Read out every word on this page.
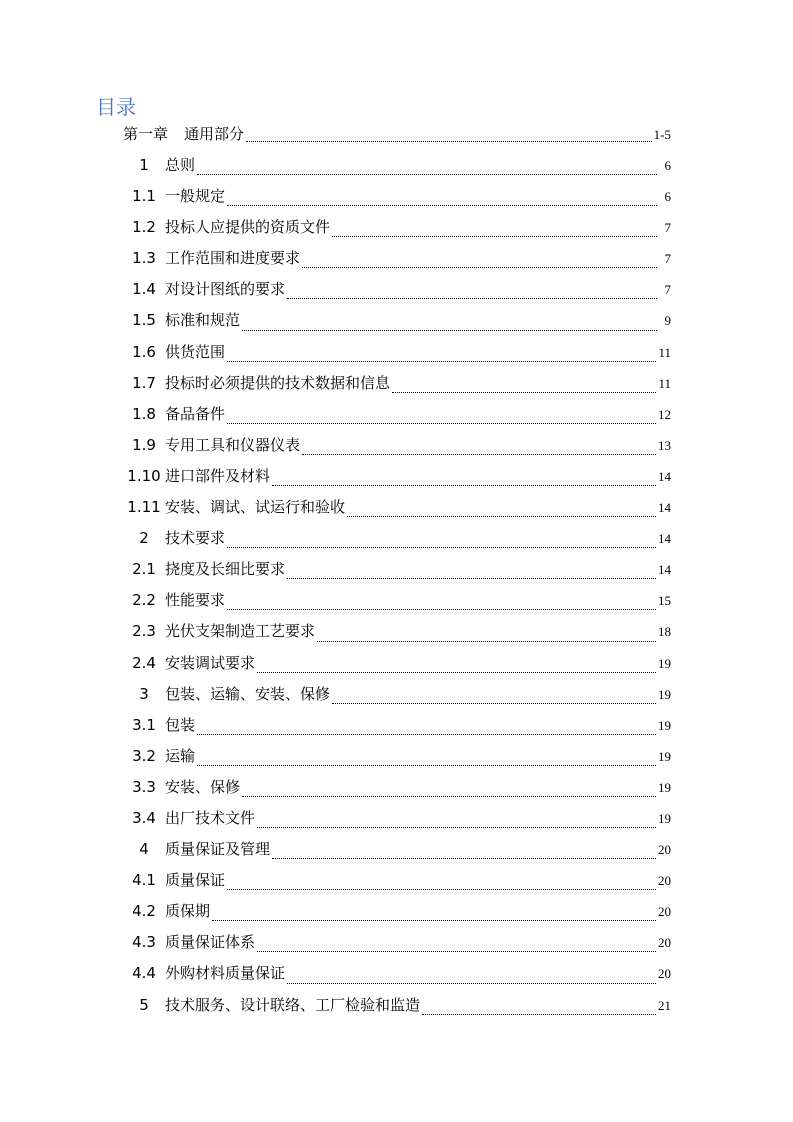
目录
第一章 通用部分	1-5
1	总则	6
1.1 一般规定	6
1.2 投标人应提供的资质文件	7
1.3 工作范围和进度要求	7
1.4 对设计图纸的要求	7
1.5 标准和规范	9
1.6 供货范围	11
1.7 投标时必须提供的技术数据和信息	11
1.8 备品备件	12
1.9 专用工具和仪器仪表	13
1.10 进口部件及材料	14
1.11 安装、调试、试运行和验收	14
2	技术要求	14
2.1 挠度及长细比要求	14
2.2 性能要求	15
2.3 光伏支架制造工艺要求	18
2.4 安装调试要求	19
3	包装、运输、安装、保修	19
3.1 包装	19
3.2 运输	19
3.3 安装、保修	19
3.4 出厂技术文件	19
4	质量保证及管理	20
4.1 质量保证	20
4.2 质保期	20
4.3 质量保证体系	20
4.4 外购材料质量保证	20
5	技术服务、设计联络、工厂检验和监造	21
